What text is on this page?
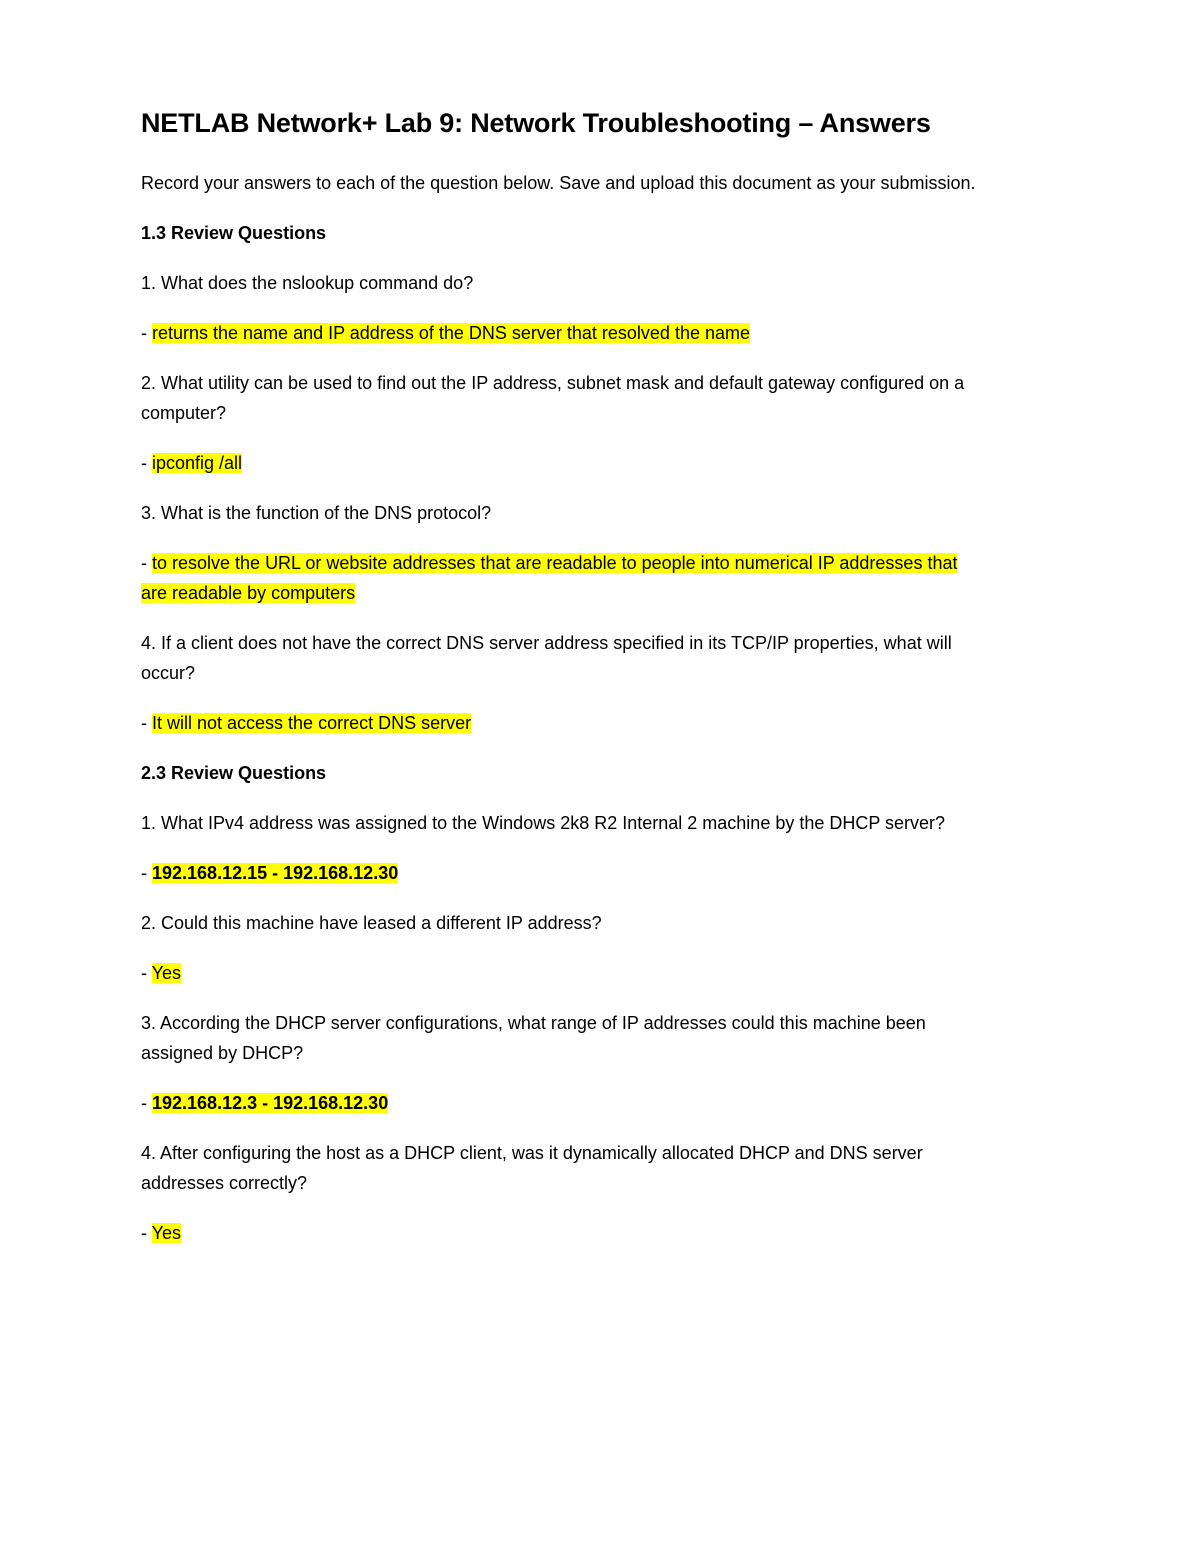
NETLAB Network+ Lab 9: Network Troubleshooting – Answers
Record your answers to each of the question below. Save and upload this document as your submission.
1.3 Review Questions
1. What does the nslookup command do?
- returns the name and IP address of the DNS server that resolved the name
2. What utility can be used to find out the IP address, subnet mask and default gateway configured on a
computer?
- ipconfig /all
3. What is the function of the DNS protocol?
- to resolve the URL or website addresses that are readable to people into numerical IP addresses that
are readable by computers
4. If a client does not have the correct DNS server address specified in its TCP/IP properties, what will
occur?
- It will not access the correct DNS server
2.3 Review Questions
1. What IPv4 address was assigned to the Windows 2k8 R2 Internal 2 machine by the DHCP server?
- 192.168.12.15 - 192.168.12.30
2. Could this machine have leased a different IP address?
- Yes
3. According the DHCP server configurations, what range of IP addresses could this machine been
assigned by DHCP?
- 192.168.12.3 - 192.168.12.30
4. After configuring the host as a DHCP client, was it dynamically allocated DHCP and DNS server
addresses correctly?
- Yes
